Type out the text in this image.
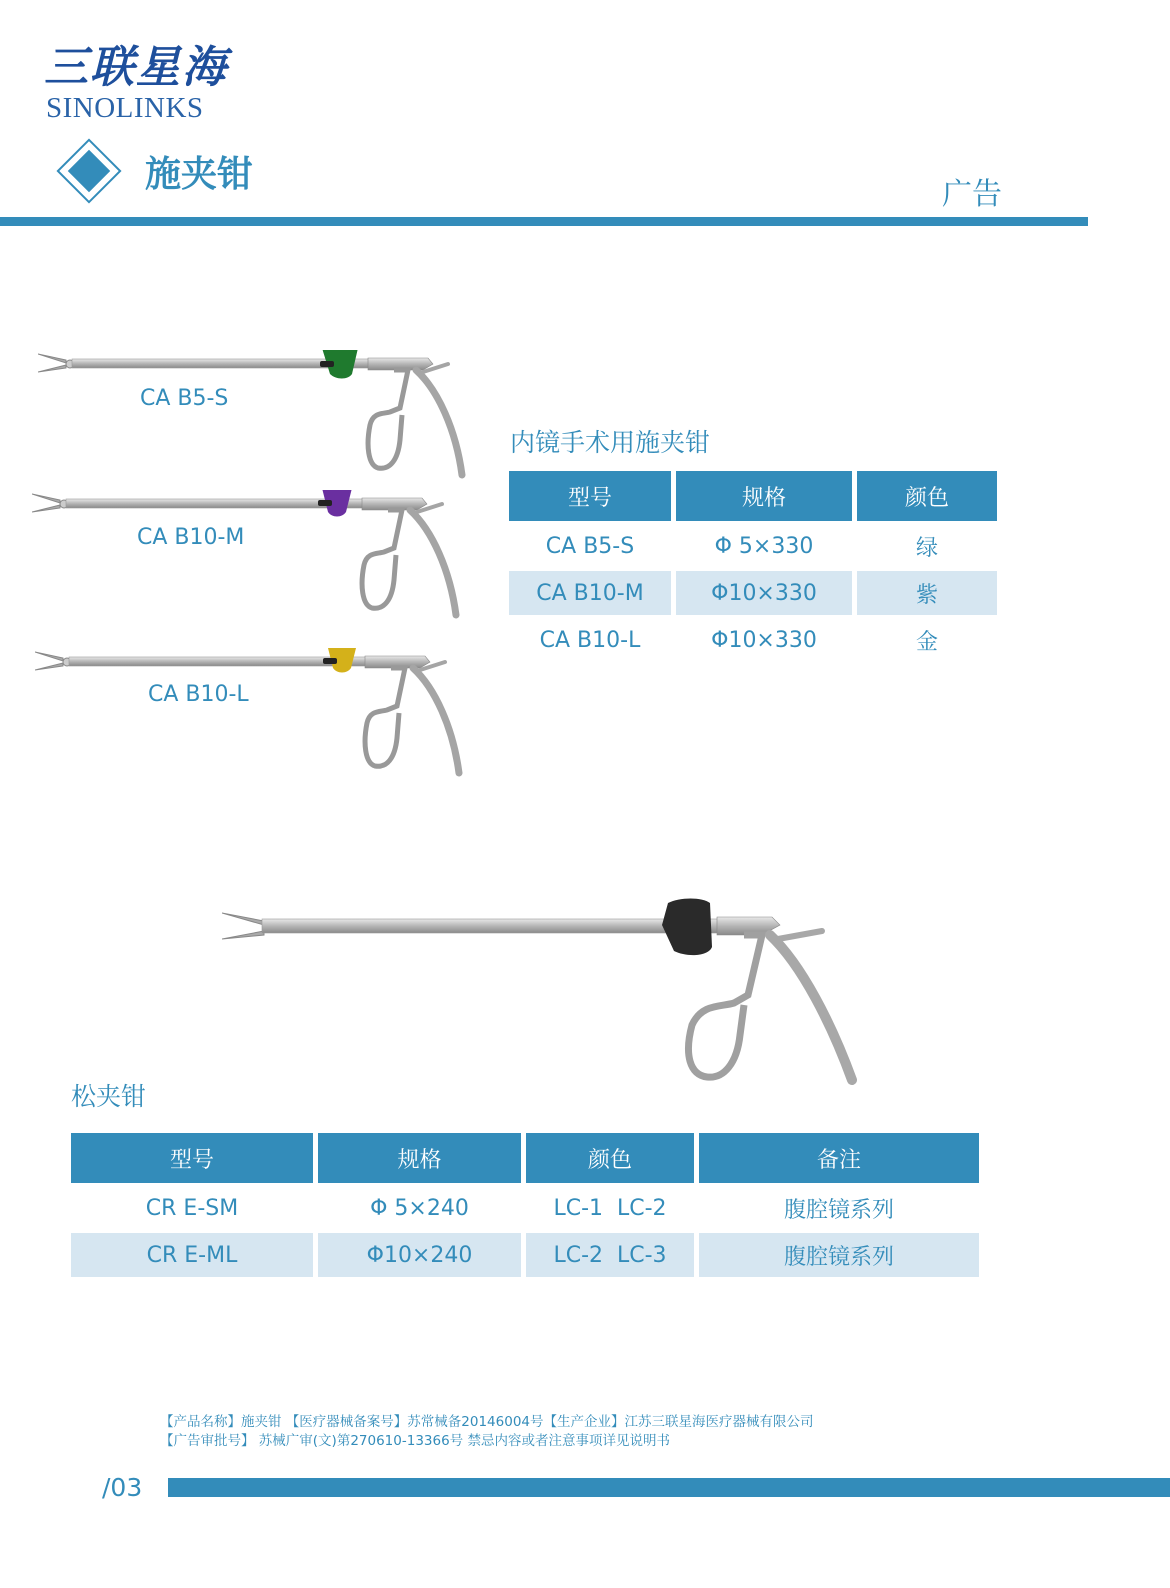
三联星海
SINOLINKS
施夹钳	广告
CA B5-S
CA B10-M
CA B10-L
内镜手术用施夹钳
型号	规格	颜色
CA B5-S	Φ 5×330	绿
CA B10-M	Φ10×330	紫
CA B10-L	Φ10×330	金
松夹钳
型号	规格	颜色	备注
CR E-SM	Φ 5×240	LC-1  LC-2	腹腔镜系列
CR E-ML	Φ10×240	LC-2  LC-3	腹腔镜系列
【产品名称】施夹钳 【医疗器械备案号】苏常械备20146004号【生产企业】江苏三联星海医疗器械有限公司
【广告审批号】 苏械广审(文)第270610-13366号 禁忌内容或者注意事项详见说明书
/03
